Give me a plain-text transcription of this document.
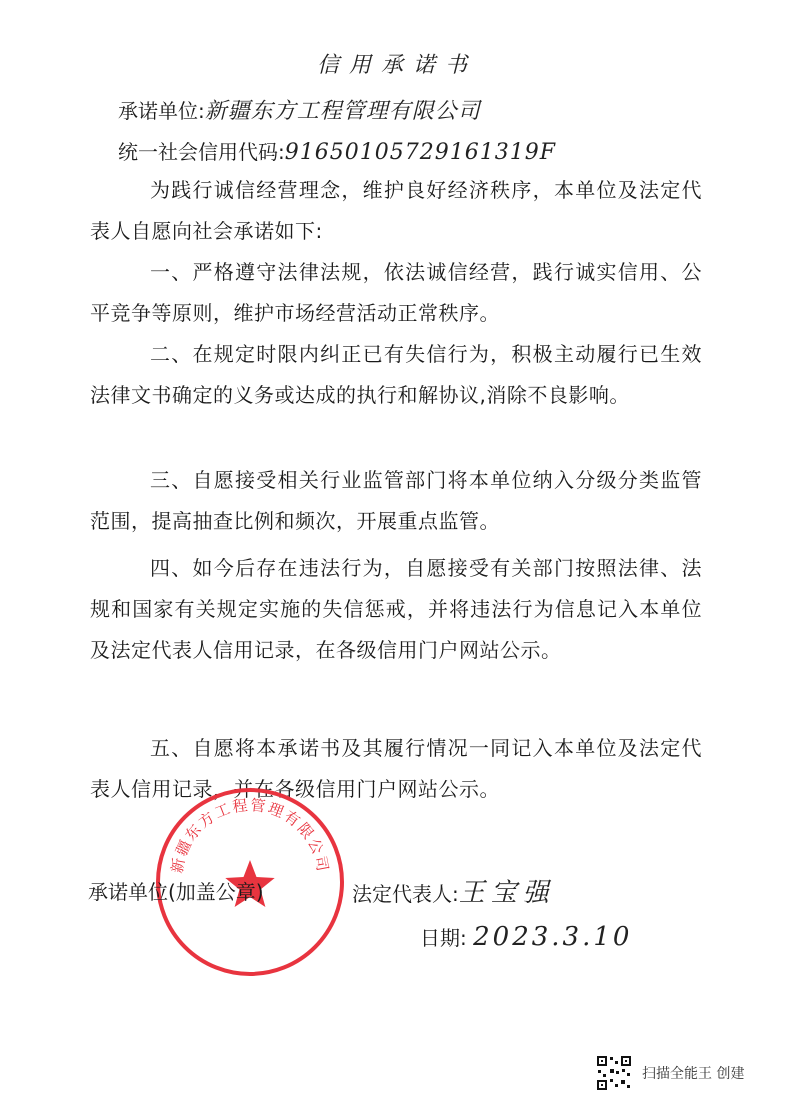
信用承诺书
承诺单位:新疆东方工程管理有限公司
统一社会信用代码:91650105729161319F

为践行诚信经营理念，维护良好经济秩序，本单位及法定代表人自愿向社会承诺如下:

一、严格遵守法律法规，依法诚信经营，践行诚实信用、公平竞争等原则，维护市场经营活动正常秩序。

二、在规定时限内纠正已有失信行为，积极主动履行已生效法律文书确定的义务或达成的执行和解协议,消除不良影响。

三、自愿接受相关行业监管部门将本单位纳入分级分类监管范围，提高抽查比例和频次，开展重点监管。

四、如今后存在违法行为，自愿接受有关部门按照法律、法规和国家有关规定实施的失信惩戒，并将违法行为信息记入本单位及法定代表人信用记录，在各级信用门户网站公示。

五、自愿将本承诺书及其履行情况一同记入本单位及法定代表人信用记录，并在各级信用门户网站公示。

新疆东方工程管理有限公司
承诺单位(加盖公章)	法定代表人:王宝强
日期: 2023.3.10
扫描全能王 创建
